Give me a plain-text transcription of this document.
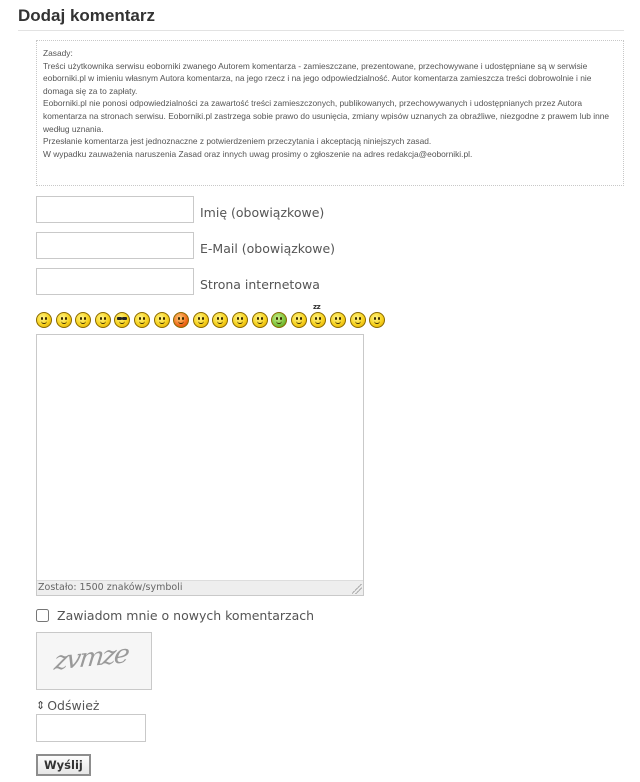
Dodaj komentarz

Zasady:

Treści użytkownika serwisu eoborniki zwanego Autorem komentarza - zamieszczane, prezentowane, przechowywane i udostępniane są w serwisie eoborniki.pl w imieniu własnym Autora komentarza, na jego rzecz i na jego odpowiedzialność. Autor komentarza zamieszcza treści dobrowolnie i nie domaga się za to zapłaty.

Eoborniki.pl nie ponosi odpowiedzialności za zawartość treści zamieszczonych, publikowanych, przechowywanych i udostępnianych przez Autora komentarza na stronach serwisu. Eoborniki.pl zastrzega sobie prawo do usunięcia, zmiany wpisów uznanych za obraźliwe, niezgodne z prawem lub inne według uznania.

Przesłanie komentarza jest jednoznaczne z potwierdzeniem przeczytania i akceptacją niniejszych zasad.

W wypadku zauważenia naruszenia Zasad oraz innych uwag prosimy o zgłoszenie na adres redakcja@eoborniki.pl.

Imię (obowiązkowe)
E-Mail (obowiązkowe)
Strona internetowa
zz
Zostało: 1500 znaków/symboli
Zawiadom mnie o nowych komentarzach
zvmze
⇕ Odśwież
Wyślij
